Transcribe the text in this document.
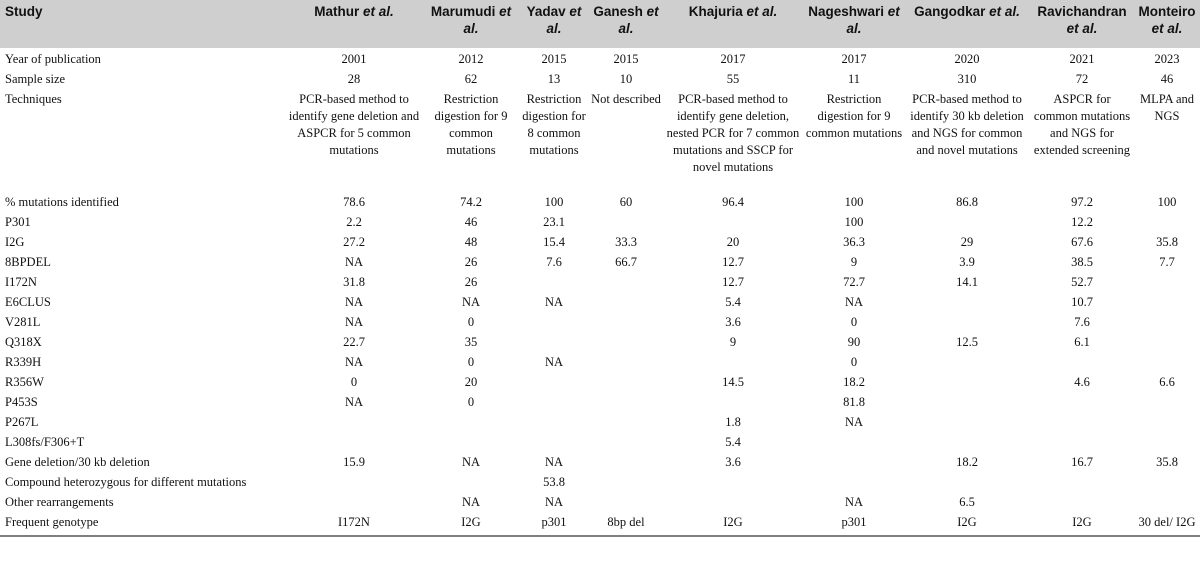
Study	Mathur et al.	Marumudi et al.	Yadav et al.	Ganesh et al.	Khajuria et al.	Nageshwari et al.	Gangodkar et al.	Ravichandran et al.	Monteiro et al.
Year of publication	2001	2012	2015	2015	2017	2017	2020	2021	2023
Sample size	28	62	13	10	55	11	310	72	46
Techniques	PCR-based method to identify gene deletion and ASPCR for 5 common mutations	Restriction digestion for 9 common mutations	Restriction digestion for 8 common mutations	Not described	PCR-based method to identify gene deletion, nested PCR for 7 common mutations and SSCP for novel mutations	Restriction digestion for 9 common mutations	PCR-based method to identify 30 kb deletion and NGS for common and novel mutations	ASPCR for common mutations and NGS for extended screening	MLPA and NGS
% mutations identified	78.6	74.2	100	60	96.4	100	86.8	97.2	100
P301	2.2	46	23.1			100		12.2	
I2G	27.2	48	15.4	33.3	20	36.3	29	67.6	35.8
8BPDEL	NA	26	7.6	66.7	12.7	9	3.9	38.5	7.7
I172N	31.8	26			12.7	72.7	14.1	52.7	
E6CLUS	NA	NA	NA		5.4	NA		10.7	
V281L	NA	0			3.6	0		7.6	
Q318X	22.7	35			9	90	12.5	6.1	
R339H	NA	0	NA			0			
R356W	0	20			14.5	18.2		4.6	6.6
P453S	NA	0				81.8			
P267L					1.8	NA			
L308fs/F306+T					5.4				
Gene deletion/30 kb deletion	15.9	NA	NA		3.6		18.2	16.7	35.8
Compound heterozygous for different mutations			53.8						
Other rearrangements		NA	NA			NA	6.5		
Frequent genotype	I172N	I2G	p301	8bp del	I2G	p301	I2G	I2G	30 del/ I2G
